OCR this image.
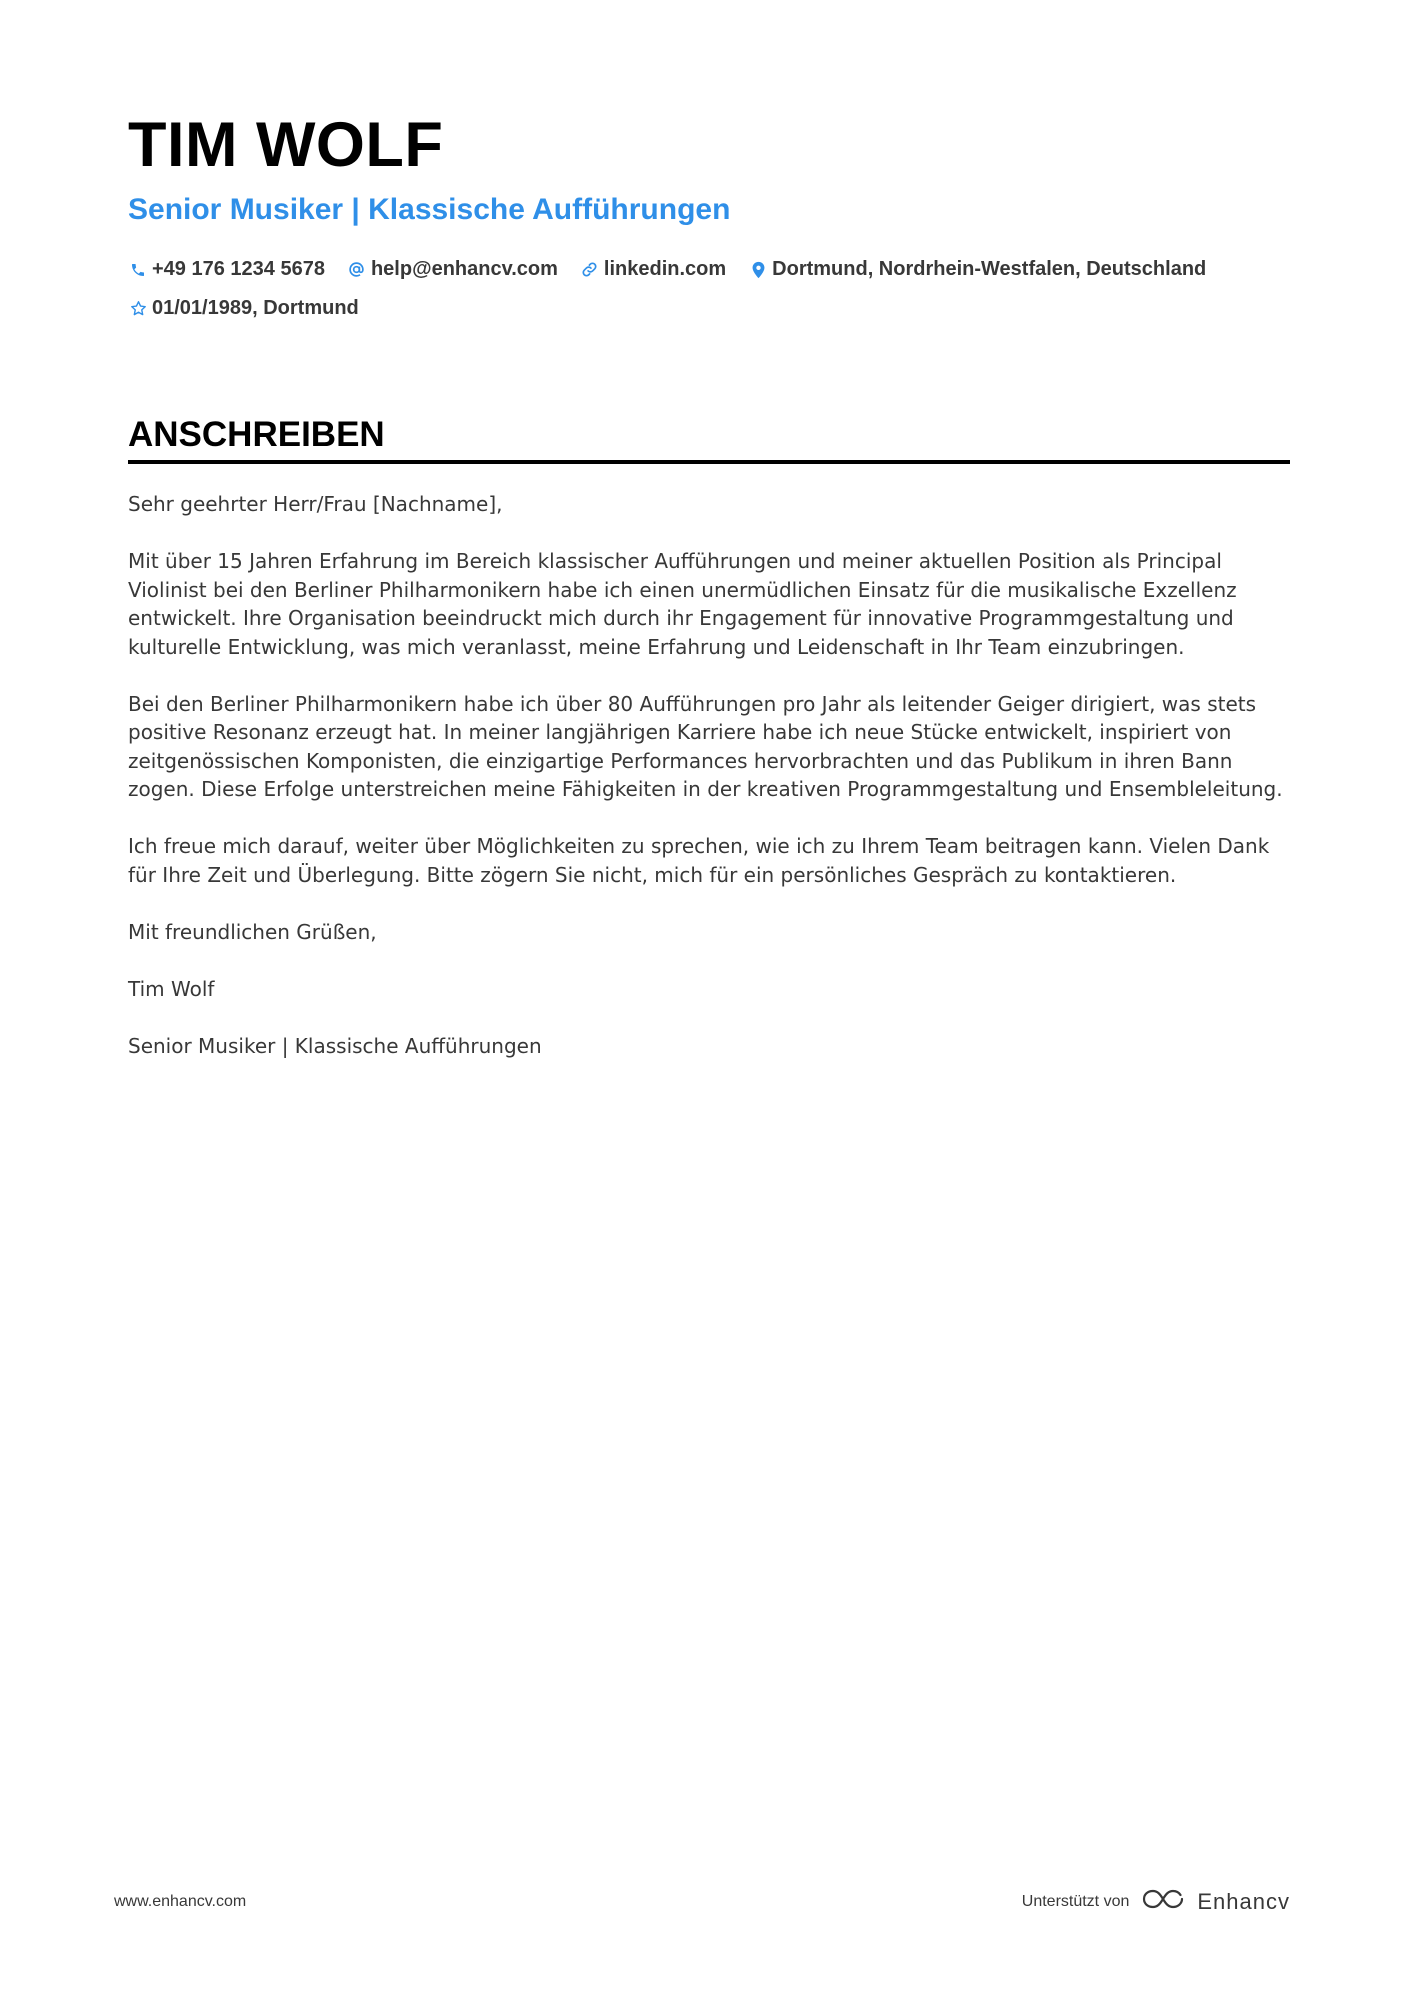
TIM WOLF
Senior Musiker | Klassische Aufführungen
+49 176 1234 5678 help@enhancv.com linkedin.com Dortmund, Nordrhein-Westfalen, Deutschland
01/01/1989, Dortmund
ANSCHREIBEN

Sehr geehrter Herr/Frau [Nachname],

Mit über 15 Jahren Erfahrung im Bereich klassischer Aufführungen und meiner aktuellen Position als Principal Violinist bei den Berliner Philharmonikern habe ich einen unermüdlichen Einsatz für die musikalische Exzellenz entwickelt. Ihre Organisation beeindruckt mich durch ihr Engagement für innovative Programmgestaltung und kulturelle Entwicklung, was mich veranlasst, meine Erfahrung und Leidenschaft in Ihr Team einzubringen.

Bei den Berliner Philharmonikern habe ich über 80 Aufführungen pro Jahr als leitender Geiger dirigiert, was stets positive Resonanz erzeugt hat. In meiner langjährigen Karriere habe ich neue Stücke entwickelt, inspiriert von zeitgenössischen Komponisten, die einzigartige Performances hervorbrachten und das Publikum in ihren Bann zogen. Diese Erfolge unterstreichen meine Fähigkeiten in der kreativen Programmgestaltung und Ensembleleitung.

Ich freue mich darauf, weiter über Möglichkeiten zu sprechen, wie ich zu Ihrem Team beitragen kann. Vielen Dank für Ihre Zeit und Überlegung. Bitte zögern Sie nicht, mich für ein persönliches Gespräch zu kontaktieren.

Mit freundlichen Grüßen,

Tim Wolf

Senior Musiker | Klassische Aufführungen

www.enhancv.com	Unterstützt von	Enhancv
